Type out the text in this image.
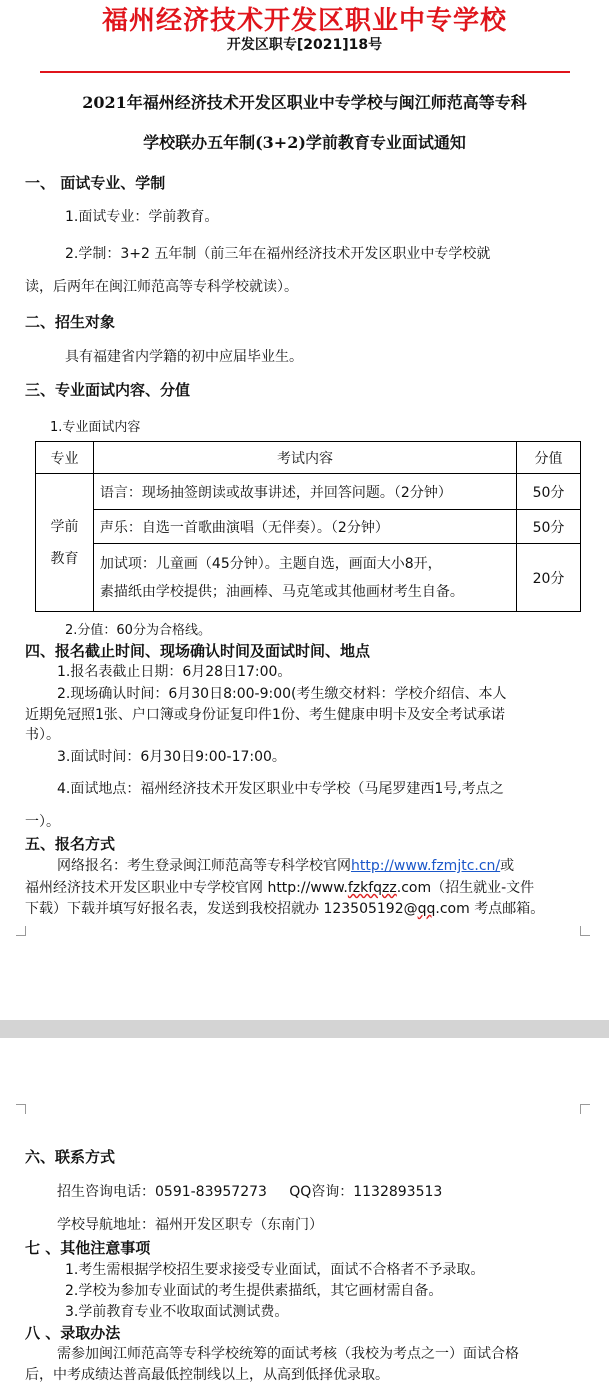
福州经济技术开发区职业中专学校
开发区职专[2021]18号
2021年福州经济技术开发区职业中专学校与闽江师范高等专科
学校联办五年制(3+2)学前教育专业面试通知
一、 面试专业、学制
1.面试专业：学前教育。
2.学制：3+2 五年制（前三年在福州经济技术开发区职业中专学校就
读，后两年在闽江师范高等专科学校就读）。
二、招生对象
具有福建省内学籍的初中应届毕业生。
三、专业面试内容、分值
1.专业面试内容
专业	考试内容	分值

学前
教育	语言：现场抽签朗读或故事讲述，并回答问题。（2分钟）	50分
	声乐：自选一首歌曲演唱（无伴奏）。（2分钟）	50分

	加试项：儿童画（45分钟）。主题自选，画面大小8开，
素描纸由学校提供；油画棒、马克笔或其他画材考生自备。	20分
2.分值：60分为合格线。
四、报名截止时间、现场确认时间及面试时间、地点
1.报名表截止日期：6月28日17:00。
2.现场确认时间：6月30日8:00-9:00(考生缴交材料：学校介绍信、本人
近期免冠照1张、户口簿或身份证复印件1份、考生健康申明卡及安全考试承诺
书）。
3.面试时间：6月30日9:00-17:00。
4.面试地点：福州经济技术开发区职业中专学校（马尾罗建西1号,考点之
一）。
五、报名方式
网络报名：考生登录闽江师范高等专科学校官网http://www.fzmjtc.cn/或
福州经济技术开发区职业中专学校官网 http://www.fzkfqzz.com（招生就业-文件
下载）下载并填写好报名表，发送到我校招就办 123505192@qq.com 考点邮箱。
六、联系方式
招生咨询电话：0591-83957273     QQ咨询：1132893513
学校导航地址：福州开发区职专（东南门）
七 、其他注意事项
1.考生需根据学校招生要求接受专业面试，面试不合格者不予录取。
2.学校为参加专业面试的考生提供素描纸，其它画材需自备。
3.学前教育专业不收取面试测试费。
八 、录取办法
需参加闽江师范高等专科学校统筹的面试考核（我校为考点之一）面试合格
后，中考成绩达普高最低控制线以上，从高到低择优录取。
